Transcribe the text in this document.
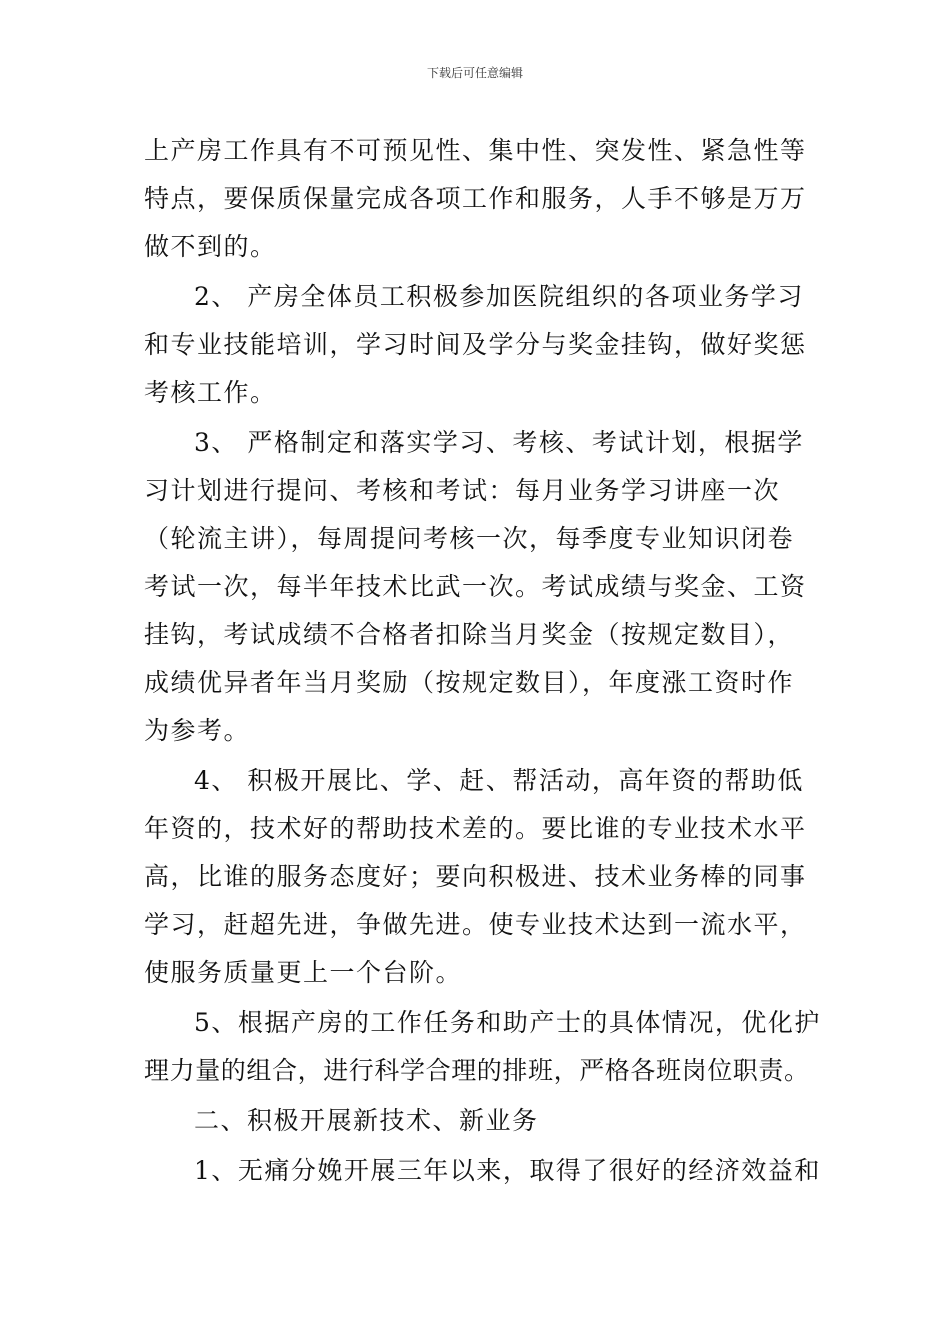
下载后可任意编辑
上产房工作具有不可预见性、集中性、突发性、紧急性等
特点，要保质保量完成各项工作和服务，人手不够是万万
做不到的。
2、 产房全体员工积极参加医院组织的各项业务学习
和专业技能培训，学习时间及学分与奖金挂钩，做好奖惩
考核工作。
3、 严格制定和落实学习、考核、考试计划，根据学
习计划进行提问、考核和考试：每月业务学习讲座一次
（轮流主讲），每周提问考核一次，每季度专业知识闭卷
考试一次，每半年技术比武一次。考试成绩与奖金、工资
挂钩，考试成绩不合格者扣除当月奖金（按规定数目），
成绩优异者年当月奖励（按规定数目），年度涨工资时作
为参考。
4、 积极开展比、学、赶、帮活动，高年资的帮助低
年资的，技术好的帮助技术差的。要比谁的专业技术水平
高，比谁的服务态度好；要向积极进、技术业务棒的同事
学习，赶超先进，争做先进。使专业技术达到一流水平，
使服务质量更上一个台阶。
5、根据产房的工作任务和助产士的具体情况，优化护
理力量的组合，进行科学合理的排班，严格各班岗位职责。
二、积极开展新技术、新业务
1、无痛分娩开展三年以来，取得了很好的经济效益和
